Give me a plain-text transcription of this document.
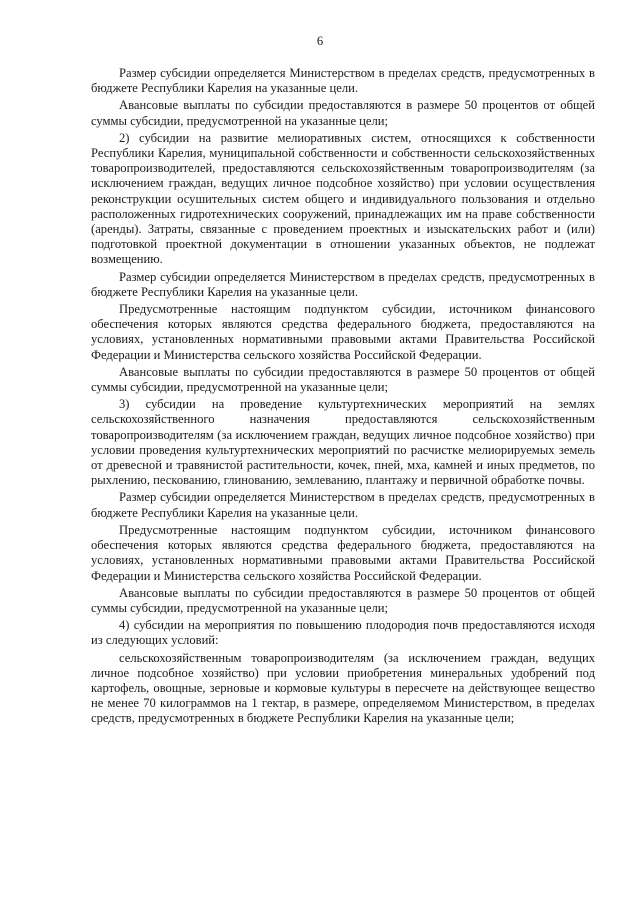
6

Размер субсидии определяется Министерством в пределах средств, предусмотренных в бюджете Республики Карелия на указанные цели.

Авансовые выплаты по субсидии предоставляются в размере 50 процентов от общей суммы субсидии, предусмотренной на указанные цели;

2) субсидии на развитие мелиоративных систем, относящихся к собственности Республики Карелия, муниципальной собственности и собственности сельскохозяйственных товаропроизводителей, предоставляются сельскохозяйственным товаропроизводителям (за исключением граждан, ведущих личное подсобное хозяйство) при условии осуществления реконструкции осушительных систем общего и индивидуального пользования и отдельно расположенных гидротехнических сооружений, принадлежащих им на праве собственности (аренды). Затраты, связанные с проведением проектных и изыскательских работ и (или) подготовкой проектной документации в отношении указанных объектов, не подлежат возмещению.

Размер субсидии определяется Министерством в пределах средств, предусмотренных в бюджете Республики Карелия на указанные цели.

Предусмотренные настоящим подпунктом субсидии, источником финансового обеспечения которых являются средства федерального бюджета, предоставляются на условиях, установленных нормативными правовыми актами Правительства Российской Федерации и Министерства сельского хозяйства Российской Федерации.

Авансовые выплаты по субсидии предоставляются в размере 50 процентов от общей суммы субсидии, предусмотренной на указанные цели;

3) субсидии на проведение культуртехнических мероприятий на землях сельскохозяйственного назначения предоставляются сельскохозяйственным товаропроизводителям (за исключением граждан, ведущих личное подсобное хозяйство) при условии проведения культуртехнических мероприятий по расчистке мелиорируемых земель от древесной и травянистой растительности, кочек, пней, мха, камней и иных предметов, по рыхлению, пескованию, глинованию, землеванию, плантажу и первичной обработке почвы.

Размер субсидии определяется Министерством в пределах средств, предусмотренных в бюджете Республики Карелия на указанные цели.

Предусмотренные настоящим подпунктом субсидии, источником финансового обеспечения которых являются средства федерального бюджета, предоставляются на условиях, установленных нормативными правовыми актами Правительства Российской Федерации и Министерства сельского хозяйства Российской Федерации.

Авансовые выплаты по субсидии предоставляются в размере 50 процентов от общей суммы субсидии, предусмотренной на указанные цели;

4) субсидии на мероприятия по повышению плодородия почв предоставляются исходя из следующих условий:

сельскохозяйственным товаропроизводителям (за исключением граждан, ведущих личное подсобное хозяйство) при условии приобретения минеральных удобрений под картофель, овощные, зерновые и кормовые культуры в пересчете на действующее вещество не менее 70 килограммов на 1 гектар, в размере, определяемом Министерством, в пределах средств, предусмотренных в бюджете Республики Карелия на указанные цели;
